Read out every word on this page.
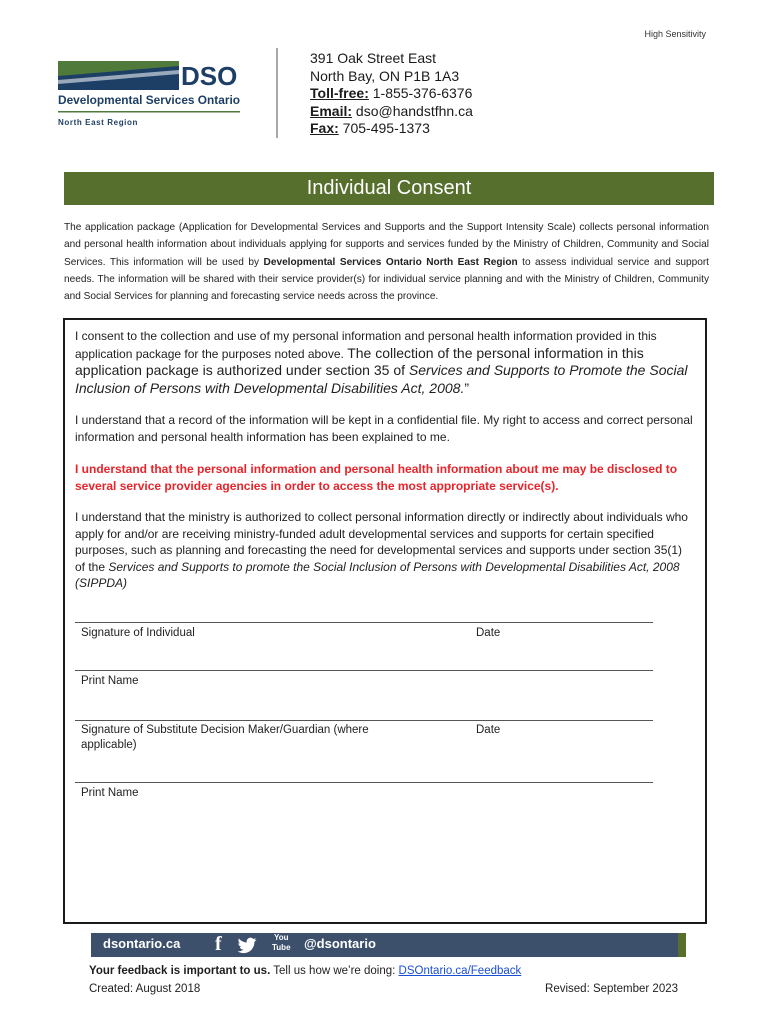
High Sensitivity
DSO
Developmental Services Ontario
North East Region
391 Oak Street East
North Bay, ON P1B 1A3
Toll-free: 1-855-376-6376
Email: dso@handstfhn.ca
Fax: 705-495-1373
Individual Consent
The application package (Application for Developmental Services and Supports and the Support Intensity Scale) collects personal information and personal health information about individuals applying for supports and services funded by the Ministry of Children, Community and Social Services. This information will be used by Developmental Services Ontario North East Region to assess individual service and support needs. The information will be shared with their service provider(s) for individual service planning and with the Ministry of Children, Community and Social Services for planning and forecasting service needs across the province.
I consent to the collection and use of my personal information and personal health information provided in this application package for the purposes noted above. The collection of the personal information in this application package is authorized under section 35 of Services and Supports to Promote the Social Inclusion of Persons with Developmental Disabilities Act, 2008.”
I understand that a record of the information will be kept in a confidential file. My right to access and correct personal information and personal health information has been explained to me.
I understand that the personal information and personal health information about me may be disclosed to several service provider agencies in order to access the most appropriate service(s).
I understand that the ministry is authorized to collect personal information directly or indirectly about individuals who apply for and/or are receiving ministry-funded adult developmental services and supports for certain specified purposes, such as planning and forecasting the need for developmental services and supports under section 35(1) of the Services and Supports to promote the Social Inclusion of Persons with Developmental Disabilities Act, 2008 (SIPPDA)
Signature of Individual	Date
Print Name
Signature of Substitute Decision Maker/Guardian (where applicable)
Date
Print Name
dsontario.ca f	You
Tube @dsontario
Your feedback is important to us. Tell us how we’re doing: DSOntario.ca/Feedback
Created: August 2018	Revised: September 2023
